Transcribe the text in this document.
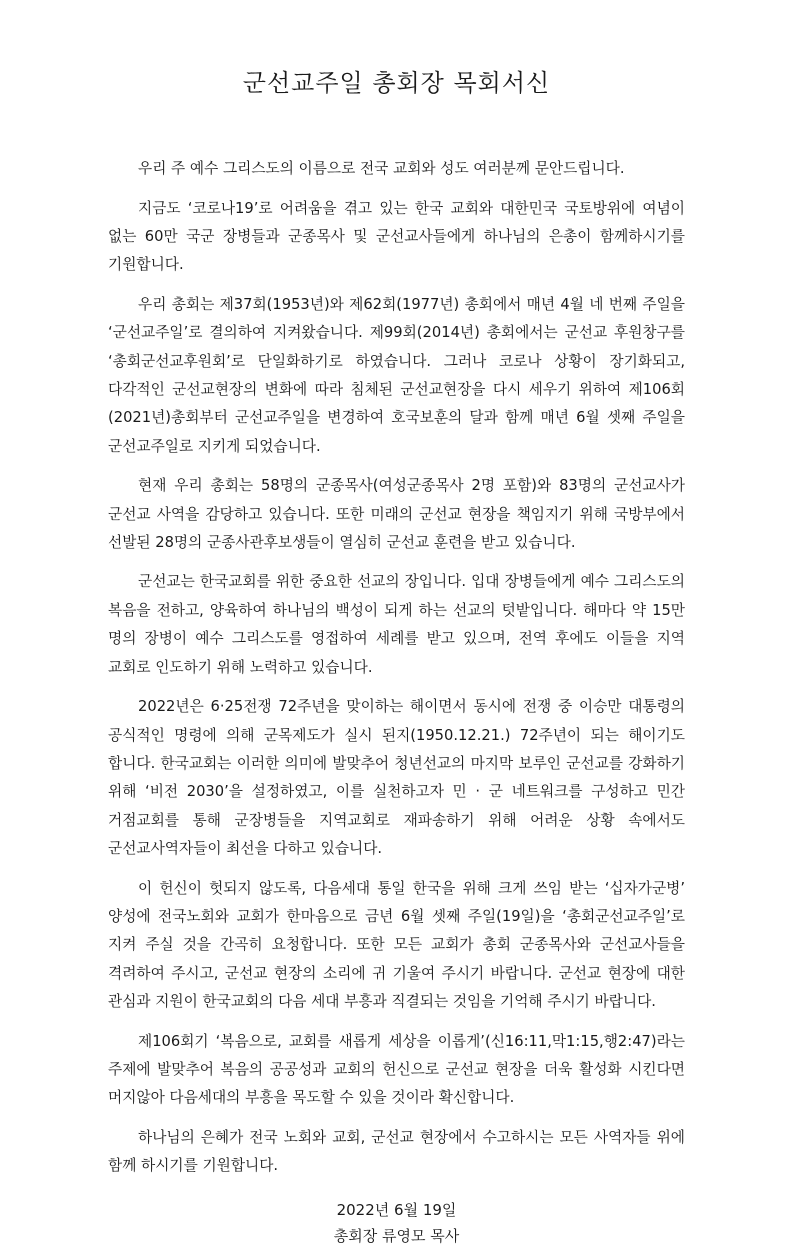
군선교주일 총회장 목회서신

우리 주 예수 그리스도의 이름으로 전국 교회와 성도 여러분께 문안드립니다.

지금도 ‘코로나19’로 어려움을 겪고 있는 한국 교회와 대한민국 국토방위에 여념이 없는 60만 국군 장병들과 군종목사 및 군선교사들에게 하나님의 은총이 함께하시기를 기원합니다.

우리 총회는 제37회(1953년)와 제62회(1977년) 총회에서 매년 4월 네 번째 주일을 ‘군선교주일’로 결의하여 지켜왔습니다. 제99회(2014년) 총회에서는 군선교 후원창구를 ‘총회군선교후원회’로 단일화하기로 하였습니다. 그러나 코로나 상황이 장기화되고, 다각적인 군선교현장의 변화에 따라 침체된 군선교현장을 다시 세우기 위하여 제106회(2021년)총회부터 군선교주일을 변경하여 호국보훈의 달과 함께 매년 6월 셋째 주일을 군선교주일로 지키게 되었습니다.

현재 우리 총회는 58명의 군종목사(여성군종목사 2명 포함)와 83명의 군선교사가 군선교 사역을 감당하고 있습니다. 또한 미래의 군선교 현장을 책임지기 위해 국방부에서 선발된 28명의 군종사관후보생들이 열심히 군선교 훈련을 받고 있습니다.

군선교는 한국교회를 위한 중요한 선교의 장입니다. 입대 장병들에게 예수 그리스도의 복음을 전하고, 양육하여 하나님의 백성이 되게 하는 선교의 텃밭입니다. 해마다 약 15만 명의 장병이 예수 그리스도를 영접하여 세례를 받고 있으며, 전역 후에도 이들을 지역 교회로 인도하기 위해 노력하고 있습니다.

2022년은 6·25전쟁 72주년을 맞이하는 해이면서 동시에 전쟁 중 이승만 대통령의 공식적인 명령에 의해 군목제도가 실시 된지(1950.12.21.) 72주년이 되는 해이기도 합니다. 한국교회는 이러한 의미에 발맞추어 청년선교의 마지막 보루인 군선교를 강화하기 위해 ‘비전 2030’을 설정하였고, 이를 실천하고자 민 · 군 네트워크를 구성하고 민간 거점교회를 통해 군장병들을 지역교회로 재파송하기 위해 어려운 상황 속에서도 군선교사역자들이 최선을 다하고 있습니다.

이 헌신이 헛되지 않도록, 다음세대 통일 한국을 위해 크게 쓰임 받는 ‘십자가군병’ 양성에 전국노회와 교회가 한마음으로 금년 6월 셋째 주일(19일)을 ‘총회군선교주일’로 지켜 주실 것을 간곡히 요청합니다. 또한 모든 교회가 총회 군종목사와 군선교사들을 격려하여 주시고, 군선교 현장의 소리에 귀 기울여 주시기 바랍니다. 군선교 현장에 대한 관심과 지원이 한국교회의 다음 세대 부흥과 직결되는 것임을 기억해 주시기 바랍니다.

제106회기 ‘복음으로, 교회를 새롭게 세상을 이롭게’(신16:11,막1:15,행2:47)라는 주제에 발맞추어 복음의 공공성과 교회의 헌신으로 군선교 현장을 더욱 활성화 시킨다면 머지않아 다음세대의 부흥을 목도할 수 있을 것이라 확신합니다.

하나님의 은혜가 전국 노회와 교회, 군선교 현장에서 수고하시는 모든 사역자들 위에 함께 하시기를 기원합니다.

2022년 6월 19일
총회장 류영모 목사
